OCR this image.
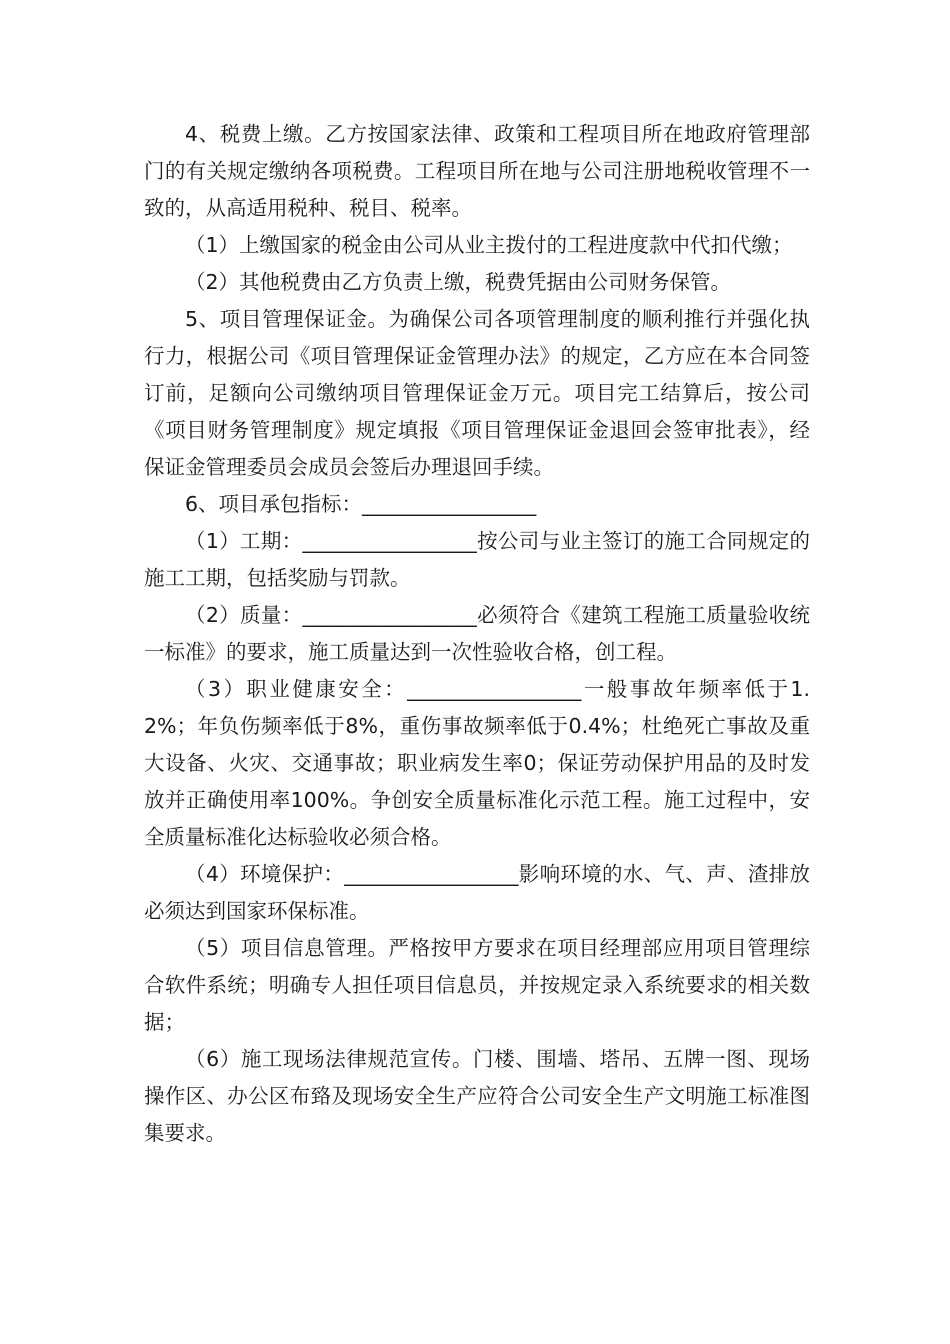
4、税费上缴。乙方按国家法律、政策和工程项目所在地政府管理部门的有关规定缴纳各项税费。工程项目所在地与公司注册地税收管理不一致的，从高适用税种、税目、税率。

（1）上缴国家的税金由公司从业主拨付的工程进度款中代扣代缴；

（2）其他税费由乙方负责上缴，税费凭据由公司财务保管。

5、项目管理保证金。为确保公司各项管理制度的顺利推行并强化执行力，根据公司《项目管理保证金管理办法》的规定，乙方应在本合同签订前，足额向公司缴纳项目管理保证金万元。项目完工结算后，按公司《项目财务管理制度》规定填报《项目管理保证金退回会签审批表》，经保证金管理委员会成员会签后办理退回手续。

6、项目承包指标：_________________

（1）工期：_________________按公司与业主签订的施工合同规定的施工工期，包括奖励与罚款。

（2）质量：_________________必须符合《建筑工程施工质量验收统一标准》的要求，施工质量达到一次性验收合格，创工程。

（3）职业健康安全：_________________一般事故年频率低于1.2%；年负伤频率低于8%，重伤事故频率低于0.4%；杜绝死亡事故及重大设备、火灾、交通事故；职业病发生率0；保证劳动保护用品的及时发放并正确使用率100%。争创安全质量标准化示范工程。施工过程中，安全质量标准化达标验收必须合格。

（4）环境保护：_________________影响环境的水、气、声、渣排放必须达到国家环保标准。

（5）项目信息管理。严格按甲方要求在项目经理部应用项目管理综合软件系统；明确专人担任项目信息员，并按规定录入系统要求的相关数据；

（6）施工现场法律规范宣传。门楼、围墙、塔吊、五牌一图、现场操作区、办公区布臵及现场安全生产应符合公司安全生产文明施工标准图集要求。
